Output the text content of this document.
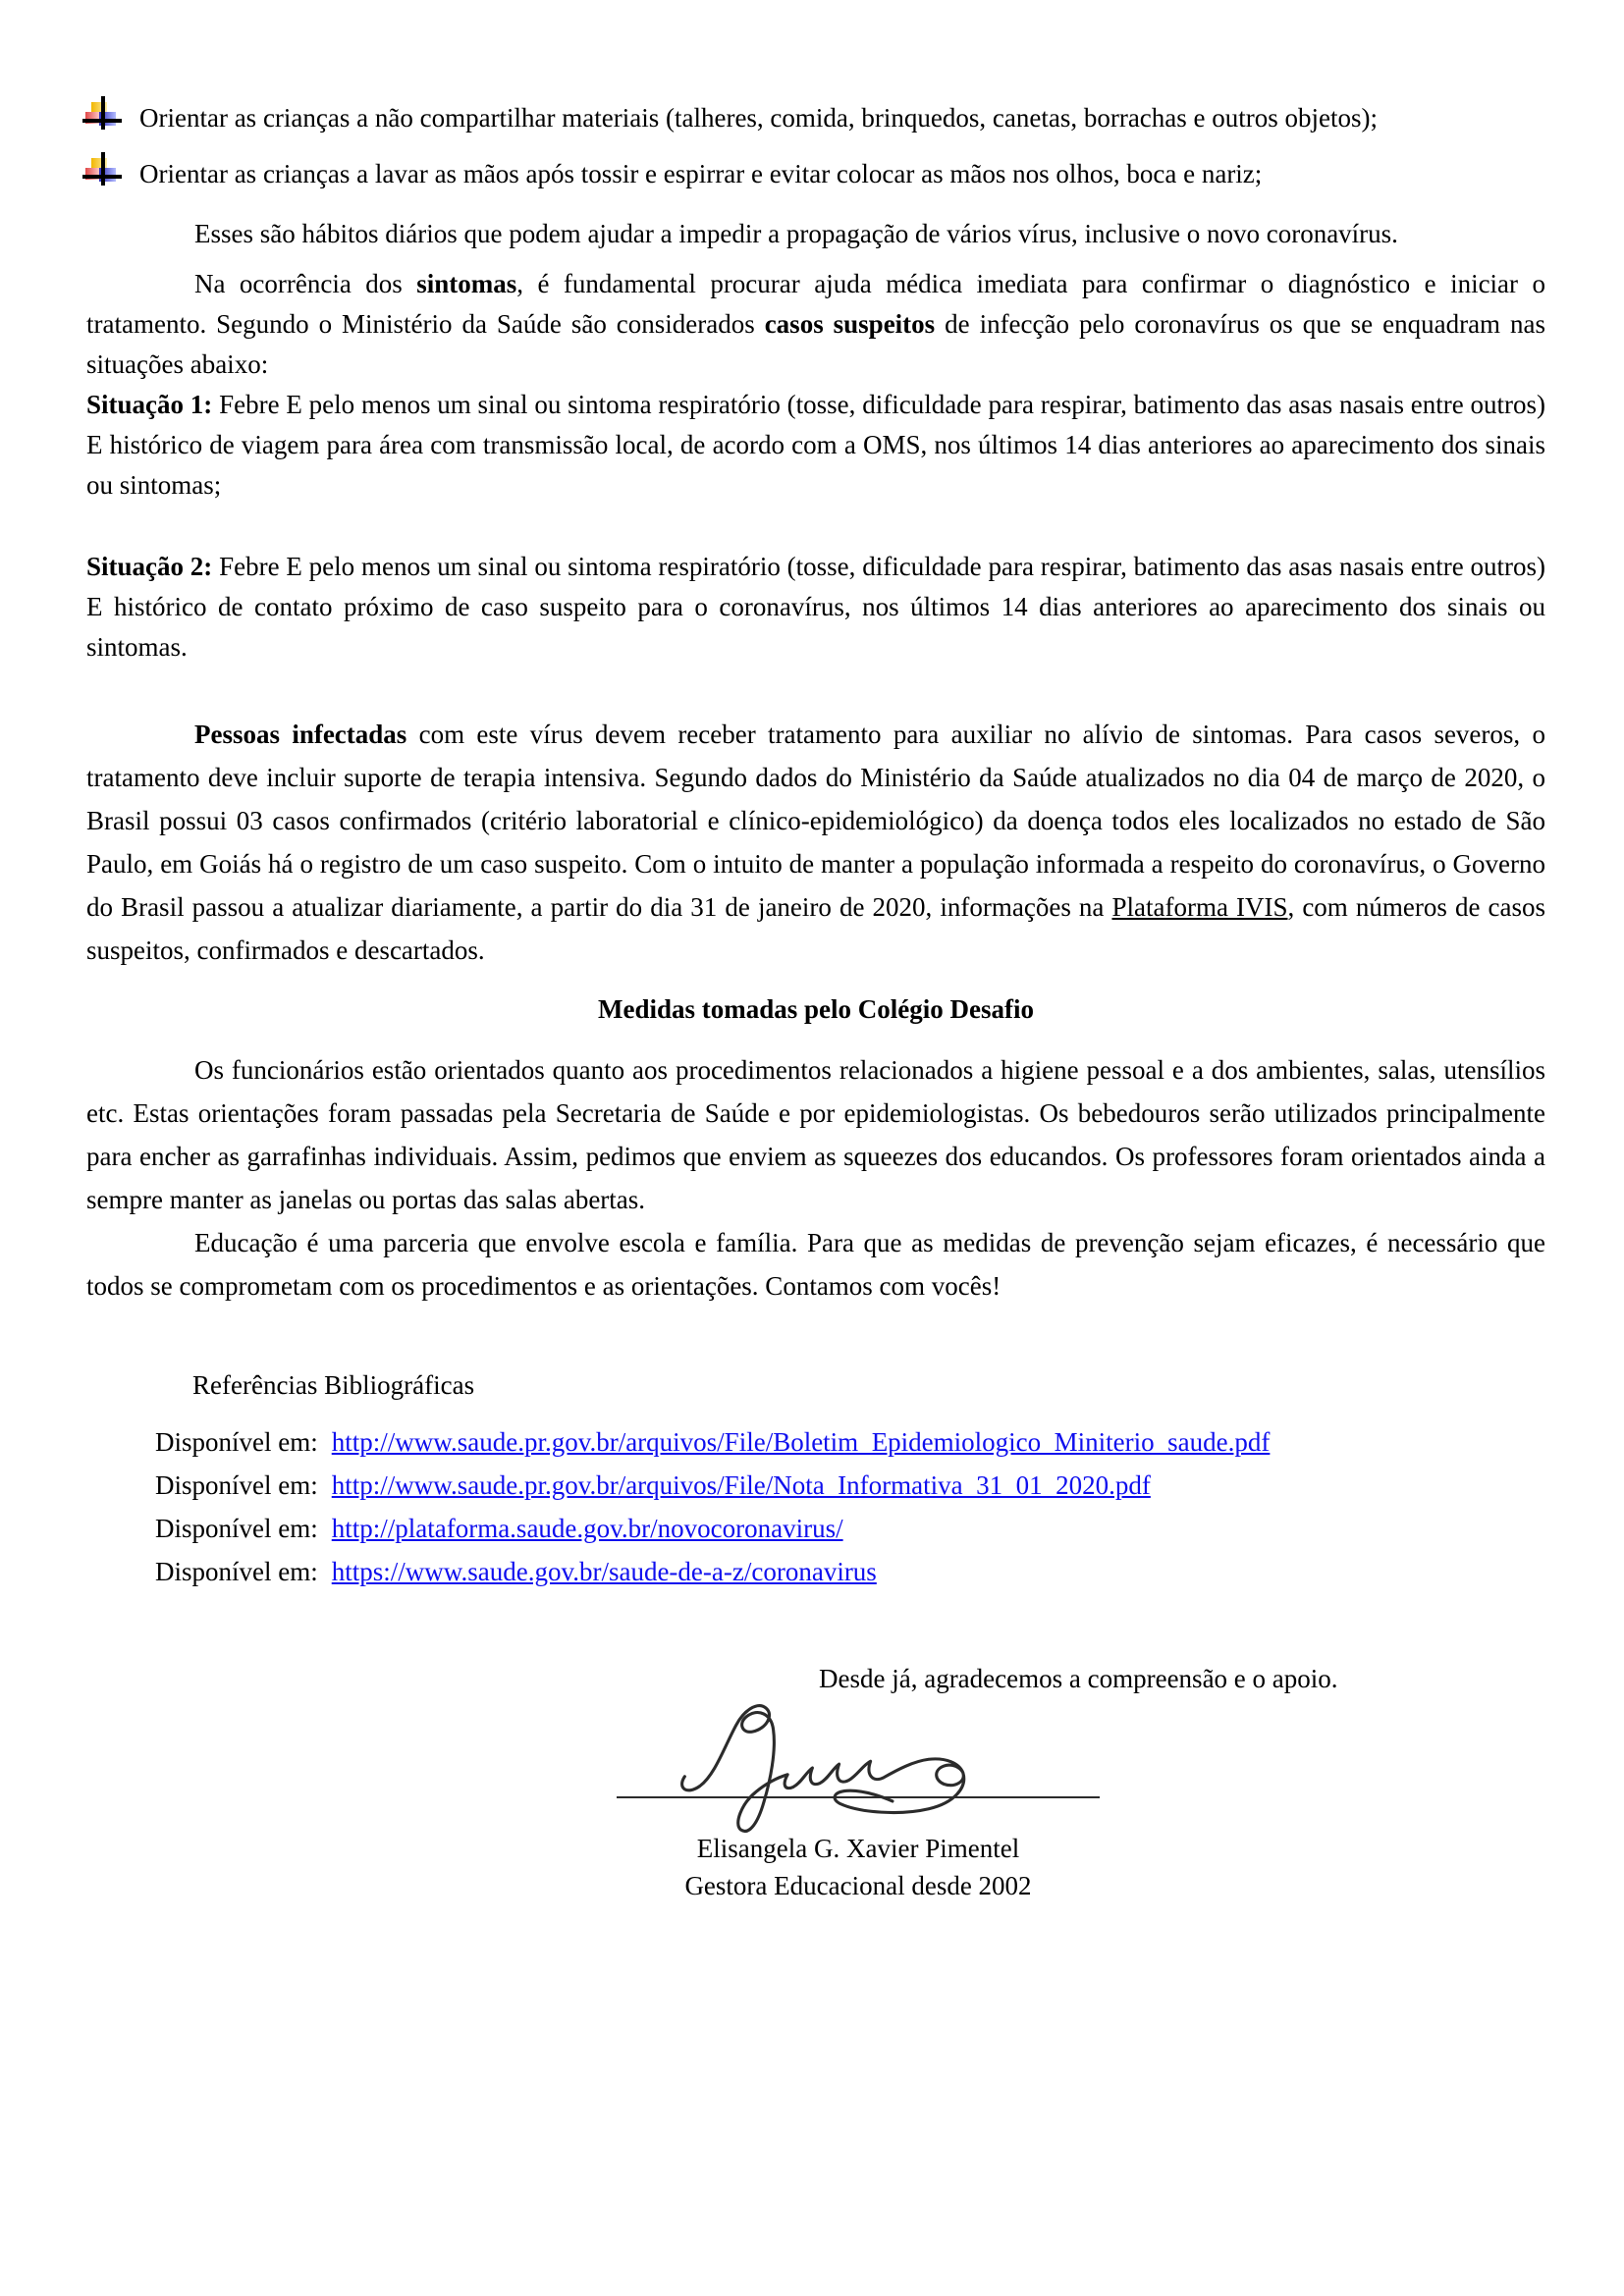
Orientar as crianças a não compartilhar materiais (talheres, comida, brinquedos, canetas, borrachas e outros objetos);
Orientar as crianças a lavar as mãos após tossir e espirrar e evitar colocar as mãos nos olhos, boca e nariz;

Esses são hábitos diários que podem ajudar a impedir a propagação de vários vírus, inclusive o novo coronavírus.

Na ocorrência dos sintomas, é fundamental procurar ajuda médica imediata para confirmar o diagnóstico e iniciar o tratamento. Segundo o Ministério da Saúde são considerados casos suspeitos de infecção pelo coronavírus os que se enquadram nas situações abaixo:

Situação 1: Febre E pelo menos um sinal ou sintoma respiratório (tosse, dificuldade para respirar, batimento das asas nasais entre outros) E histórico de viagem para área com transmissão local, de acordo com a OMS, nos últimos 14 dias anteriores ao aparecimento dos sinais ou sintomas;

Situação 2: Febre E pelo menos um sinal ou sintoma respiratório (tosse, dificuldade para respirar, batimento das asas nasais entre outros) E histórico de contato próximo de caso suspeito para o coronavírus, nos últimos 14 dias anteriores ao aparecimento dos sinais ou sintomas.

Pessoas infectadas com este vírus devem receber tratamento para auxiliar no alívio de sintomas. Para casos severos, o tratamento deve incluir suporte de terapia intensiva. Segundo dados do Ministério da Saúde atualizados no dia 04 de março de 2020, o Brasil possui 03 casos confirmados (critério laboratorial e clínico-epidemiológico) da doença todos eles localizados no estado de São Paulo, em Goiás há o registro de um caso suspeito. Com o intuito de manter a população informada a respeito do coronavírus, o Governo do Brasil passou a atualizar diariamente, a partir do dia 31 de janeiro de 2020, informações na Plataforma IVIS, com números de casos suspeitos, confirmados e descartados.

Medidas tomadas pelo Colégio Desafio

Os funcionários estão orientados quanto aos procedimentos relacionados a higiene pessoal e a dos ambientes, salas, utensílios etc. Estas orientações foram passadas pela Secretaria de Saúde e por epidemiologistas. Os bebedouros serão utilizados principalmente para encher as garrafinhas individuais. Assim, pedimos que enviem as squeezes dos educandos. Os professores foram orientados ainda a sempre manter as janelas ou portas das salas abertas.

Educação é uma parceria que envolve escola e família. Para que as medidas de prevenção sejam eficazes, é necessário que todos se comprometam com os procedimentos e as orientações. Contamos com vocês!

Referências Bibliográficas
Disponível em: http://www.saude.pr.gov.br/arquivos/File/Boletim_Epidemiologico_Miniterio_saude.pdf
Disponível em: http://www.saude.pr.gov.br/arquivos/File/Nota_Informativa_31_01_2020.pdf
Disponível em: http://plataforma.saude.gov.br/novocoronavirus/
Disponível em: https://www.saude.gov.br/saude-de-a-z/coronavirus

Desde já, agradecemos a compreensão e o apoio.

Elisangela G. Xavier Pimentel
Gestora Educacional desde 2002
